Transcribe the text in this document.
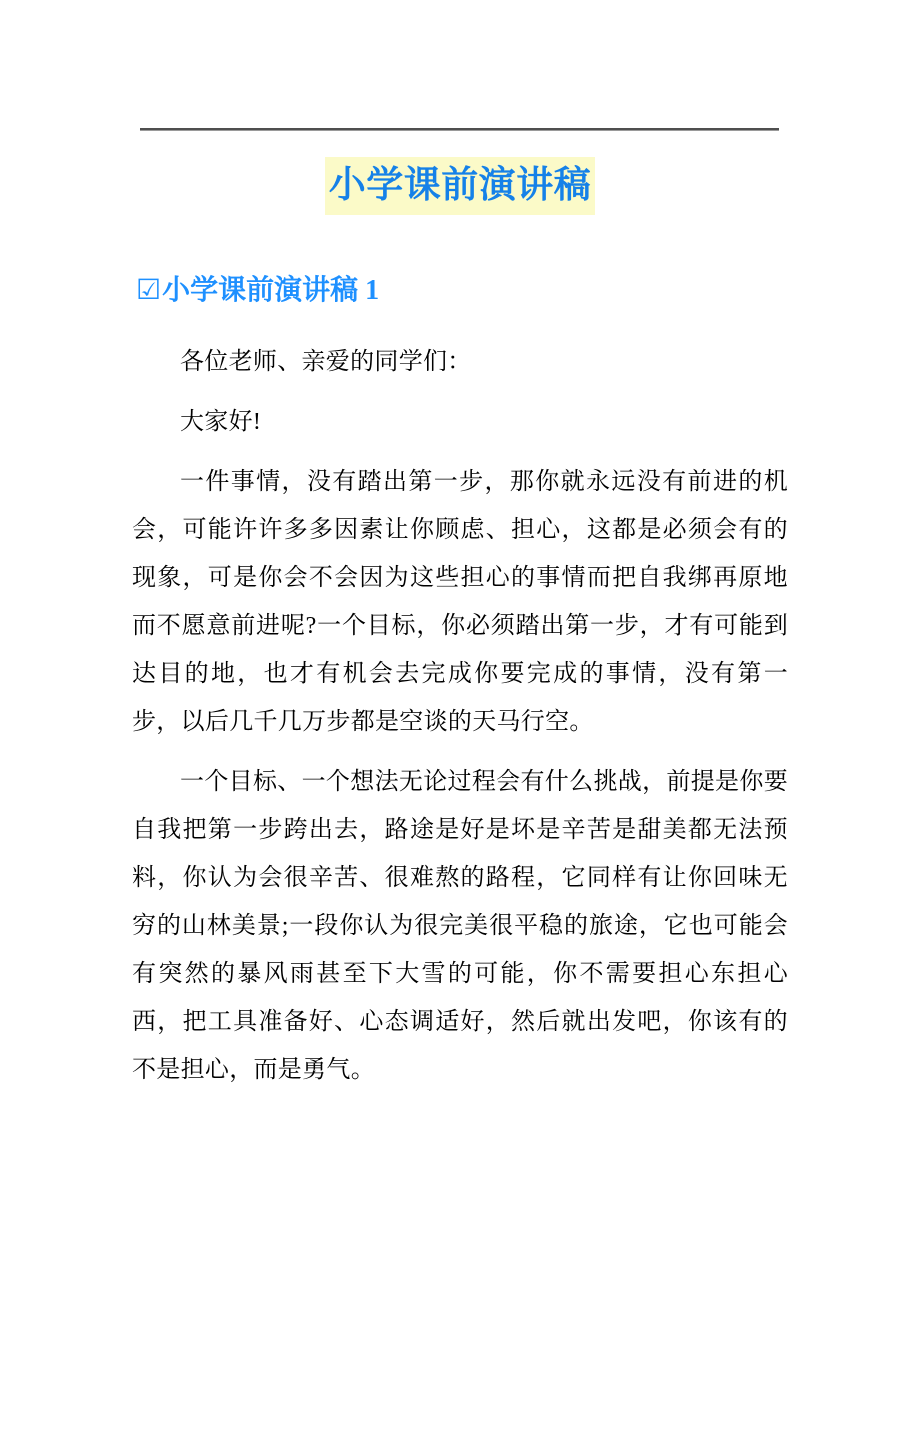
小学课前演讲稿
☑小学课前演讲稿 1

各位老师、亲爱的同学们：

大家好!

一件事情，没有踏出第一步，那你就永远没有前进的机会，可能许许多多因素让你顾虑、担心，这都是必须会有的现象，可是你会不会因为这些担心的事情而把自我绑再原地而不愿意前进呢?一个目标，你必须踏出第一步，才有可能到达目的地，也才有机会去完成你要完成的事情，没有第一步，以后几千几万步都是空谈的天马行空。

一个目标、一个想法无论过程会有什么挑战，前提是你要自我把第一步跨出去，路途是好是坏是辛苦是甜美都无法预料，你认为会很辛苦、很难熬的路程，它同样有让你回味无穷的山林美景;一段你认为很完美很平稳的旅途，它也可能会有突然的暴风雨甚至下大雪的可能，你不需要担心东担心西，把工具准备好、心态调适好，然后就出发吧，你该有的不是担心，而是勇气。
